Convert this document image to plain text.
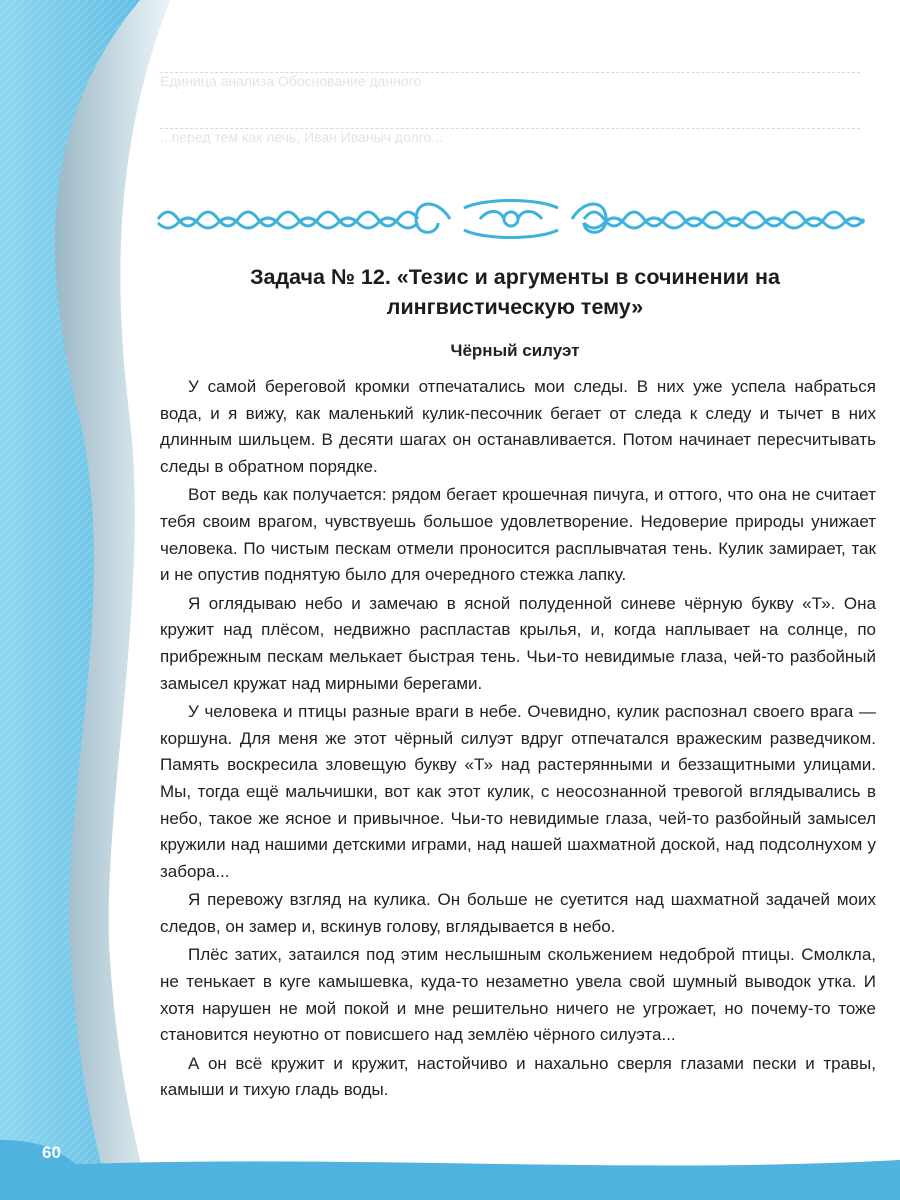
Единица анализа Обоснование данного
...перед тем как лечь, Иван Иваныч долго...
Задача № 12. «Тезис и аргументы в сочинении на лингвистическую тему»
Чёрный силуэт

У самой береговой кромки отпечатались мои следы. В них уже успела набраться вода, и я вижу, как маленький кулик-песочник бегает от следа к следу и тычет в них длинным шильцем. В десяти шагах он останавливается. Потом начинает пересчитывать следы в обратном порядке.

Вот ведь как получается: рядом бегает крошечная пичуга, и оттого, что она не считает тебя своим врагом, чувствуешь большое удовлетворение. Недоверие природы унижает человека. По чистым пескам отмели проносится расплывчатая тень. Кулик замирает, так и не опустив поднятую было для очередного стежка лапку.

Я оглядываю небо и замечаю в ясной полуденной синеве чёрную букву «Т». Она кружит над плёсом, недвижно распластав крылья, и, когда наплывает на солнце, по прибрежным пескам мелькает быстрая тень. Чьи-то невидимые глаза, чей-то разбойный замысел кружат над мирными берегами.

У человека и птицы разные враги в небе. Очевидно, кулик распознал своего врага — коршуна. Для меня же этот чёрный силуэт вдруг отпечатался вражеским разведчиком. Память воскресила зловещую букву «Т» над растерянными и беззащитными улицами. Мы, тогда ещё мальчишки, вот как этот кулик, с неосознанной тревогой вглядывались в небо, такое же ясное и привычное. Чьи-то невидимые глаза, чей-то разбойный замысел кружили над нашими детскими играми, над нашей шахматной доской, над подсолнухом у забора...

Я перевожу взгляд на кулика. Он больше не суетится над шахматной задачей моих следов, он замер и, вскинув голову, вглядывается в небо.

Плёс затих, затаился под этим неслышным скольжением недоброй птицы. Смолкла, не тенькает в куге камышевка, куда-то незаметно увела свой шумный выводок утка. И хотя нарушен не мой покой и мне решительно ничего не угрожает, но почему-то тоже становится неуютно от повисшего над землёю чёрного силуэта...

А он всё кружит и кружит, настойчиво и нахально сверля глазами пески и травы, камыши и тихую гладь воды.

60
